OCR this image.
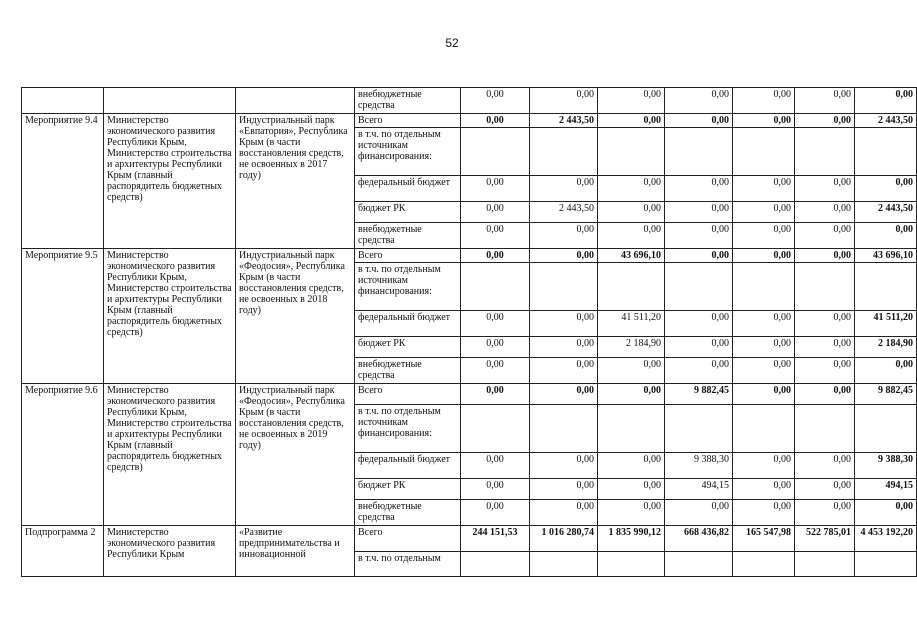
52
			внебюджетные средства	0,00	0,00	0,00	0,00	0,00	0,00	0,00
Мероприятие 9.4	Министерство экономического развития Республики Крым, Министерство строительства и архитектуры Республики Крым (главный распорядитель бюджетных средств)	Индустриальный парк «Евпатория», Республика Крым (в части восстановления средств, не освоенных в 2017 году)	Всего	0,00	2 443,50	0,00	0,00	0,00	0,00	2 443,50
			в т.ч. по отдельным источникам финансирования:							
			федеральный бюджет	0,00	0,00	0,00	0,00	0,00	0,00	0,00
			бюджет РК	0,00	2 443,50	0,00	0,00	0,00	0,00	2 443,50
			внебюджетные средства	0,00	0,00	0,00	0,00	0,00	0,00	0,00
Мероприятие 9.5	Министерство экономического развития Республики Крым, Министерство строительства и архитектуры Республики Крым (главный распорядитель бюджетных средств)	Индустриальный парк «Феодосия», Республика Крым (в части восстановления средств, не освоенных в 2018 году)	Всего	0,00	0,00	43 696,10	0,00	0,00	0,00	43 696,10
			в т.ч. по отдельным источникам финансирования:							
			федеральный бюджет	0,00	0,00	41 511,20	0,00	0,00	0,00	41 511,20
			бюджет РК	0,00	0,00	2 184,90	0,00	0,00	0,00	2 184,90
			внебюджетные средства	0,00	0,00	0,00	0,00	0,00	0,00	0,00
Мероприятие 9.6	Министерство экономического развития Республики Крым, Министерство строительства и архитектуры Республики Крым (главный распорядитель бюджетных средств)	Индустриальный парк «Феодосия», Республика Крым (в части восстановления средств, не освоенных в 2019 году)	Всего	0,00	0,00	0,00	9 882,45	0,00	0,00	9 882,45
			в т.ч. по отдельным источникам финансирования:							
			федеральный бюджет	0,00	0,00	0,00	9 388,30	0,00	0,00	9 388,30
			бюджет РК	0,00	0,00	0,00	494,15	0,00	0,00	494,15
			внебюджетные средства	0,00	0,00	0,00	0,00	0,00	0,00	0,00
Подпрограмма 2	Министерство экономического развития Республики Крым	«Развитие предпринимательства и инновационной	Всего	244 151,53	1 016 280,74	1 835 990,12	668 436,82	165 547,98	522 785,01	4 453 192,20
			в т.ч. по отдельным							
